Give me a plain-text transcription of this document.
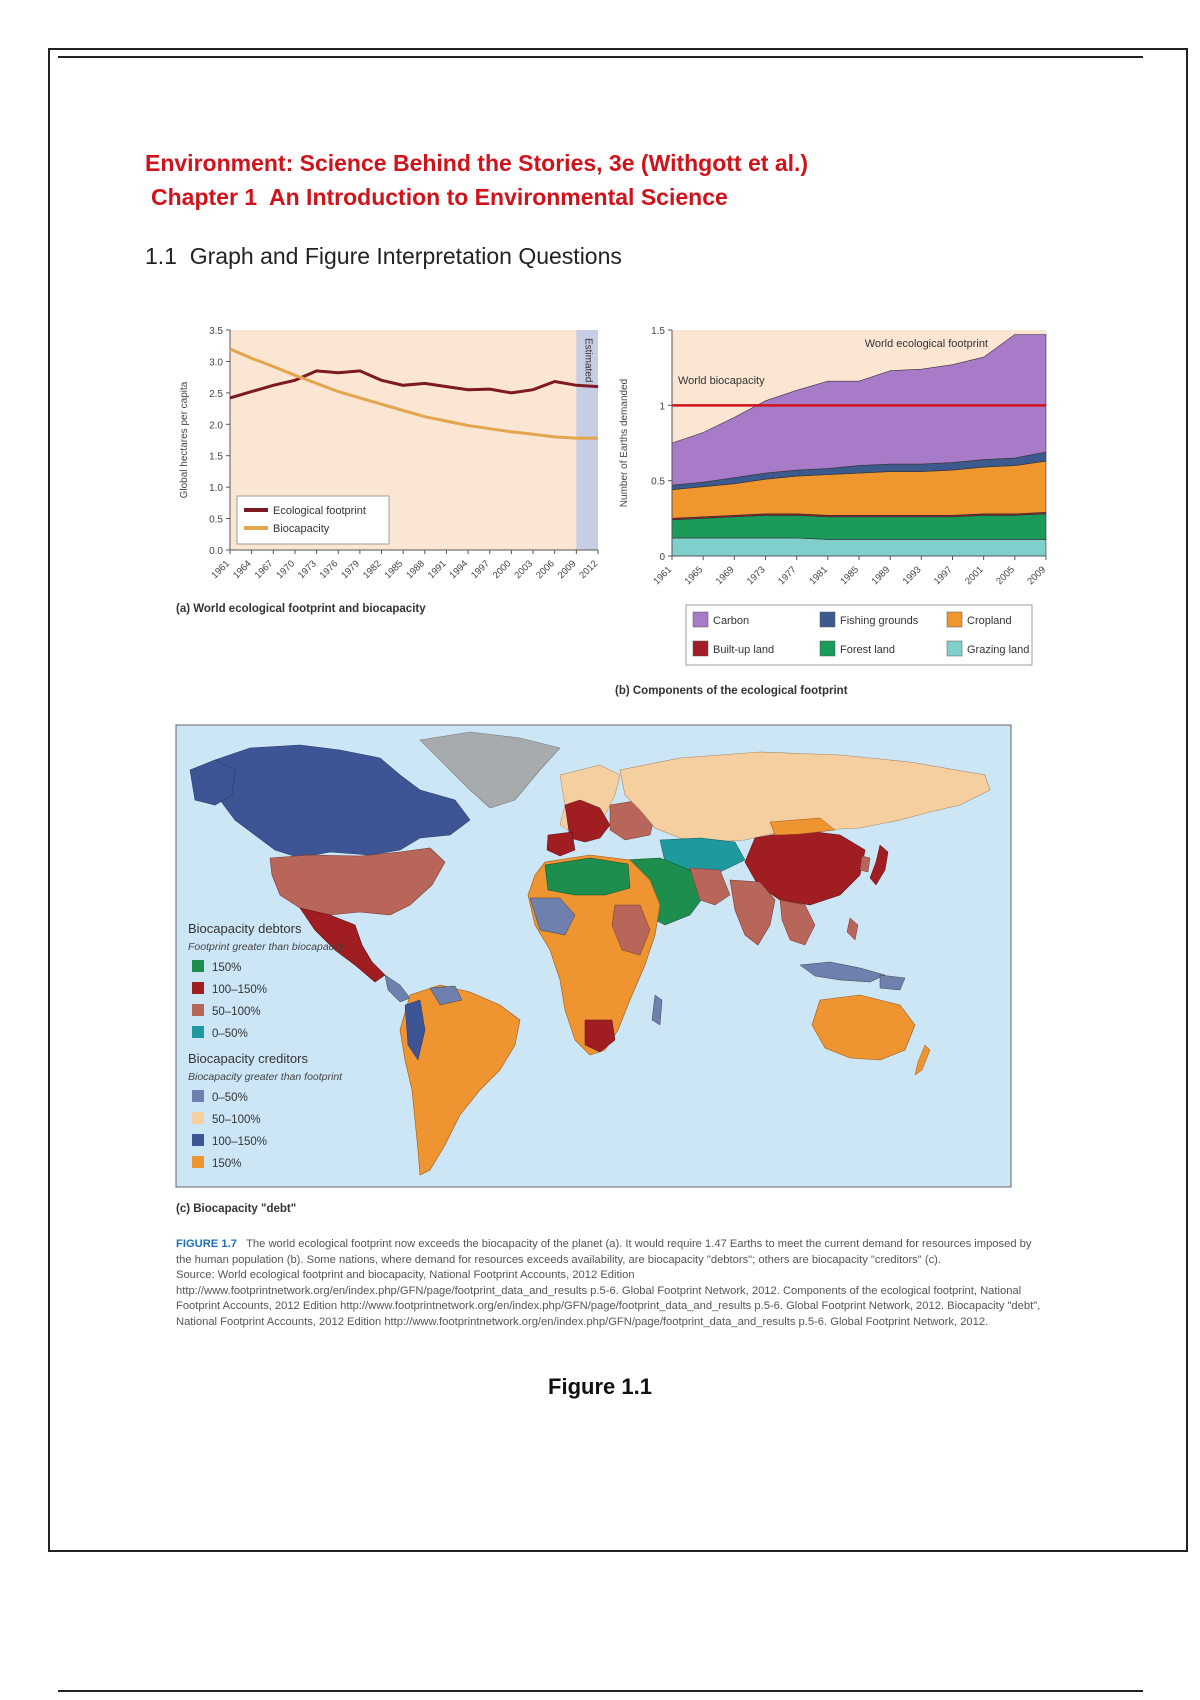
Environment: Science Behind the Stories, 3e (Withgott et al.)
Chapter 1  An Introduction to Environmental Science
1.1  Graph and Figure Interpretation Questions
Estimated
0.0
0.5
1.0
1.5
2.0
2.5
3.0
3.5
1961
1964
1967
1970
1973
1976
1979
1982
1985
1988
1991
1994
1997
2000
2003
2006
2009
2012
Global hectares per capita
Ecological footprint
Biocapacity
(a) World ecological footprint and biocapacity
0
0.5
1
1.5
1961 1965 1969 1973 1977 1981 1985 1989 1993 1997 2001 2005 2009
Number of Earths demanded
World ecological footprint
World biocapacity
Carbon	Fishing grounds	Cropland
Built-up land	Forest land	Grazing land
(b) Components of the ecological footprint
Biocapacity debtors
Footprint greater than biocapacity
150%
100–150%
50–100%
0–50%
Biocapacity creditors
Biocapacity greater than footprint
0–50%
50–100%
100–150%
150%
(c) Biocapacity "debt"
FIGURE 1.7 The world ecological footprint now exceeds the biocapacity of the planet (a). It would require 1.47 Earths to meet the current demand for resources imposed by the human population (b). Some nations, where demand for resources exceeds availability, are biocapacity "debtors"; others are biocapacity "creditors" (c).
Source: World ecological footprint and biocapacity, National Footprint Accounts, 2012 Edition http://www.footprintnetwork.org/en/index.php/GFN/page/footprint_data_and_results p.5-6. Global Footprint Network, 2012. Components of the ecological footprint, National Footprint Accounts, 2012 Edition http://www.footprintnetwork.org/en/index.php/GFN/page/footprint_data_and_results p.5-6. Global Footprint Network, 2012. Biocapacity "debt", National Footprint Accounts, 2012 Edition http://www.footprintnetwork.org/en/index.php/GFN/page/footprint_data_and_results p.5-6. Global Footprint Network, 2012.
Figure 1.1
